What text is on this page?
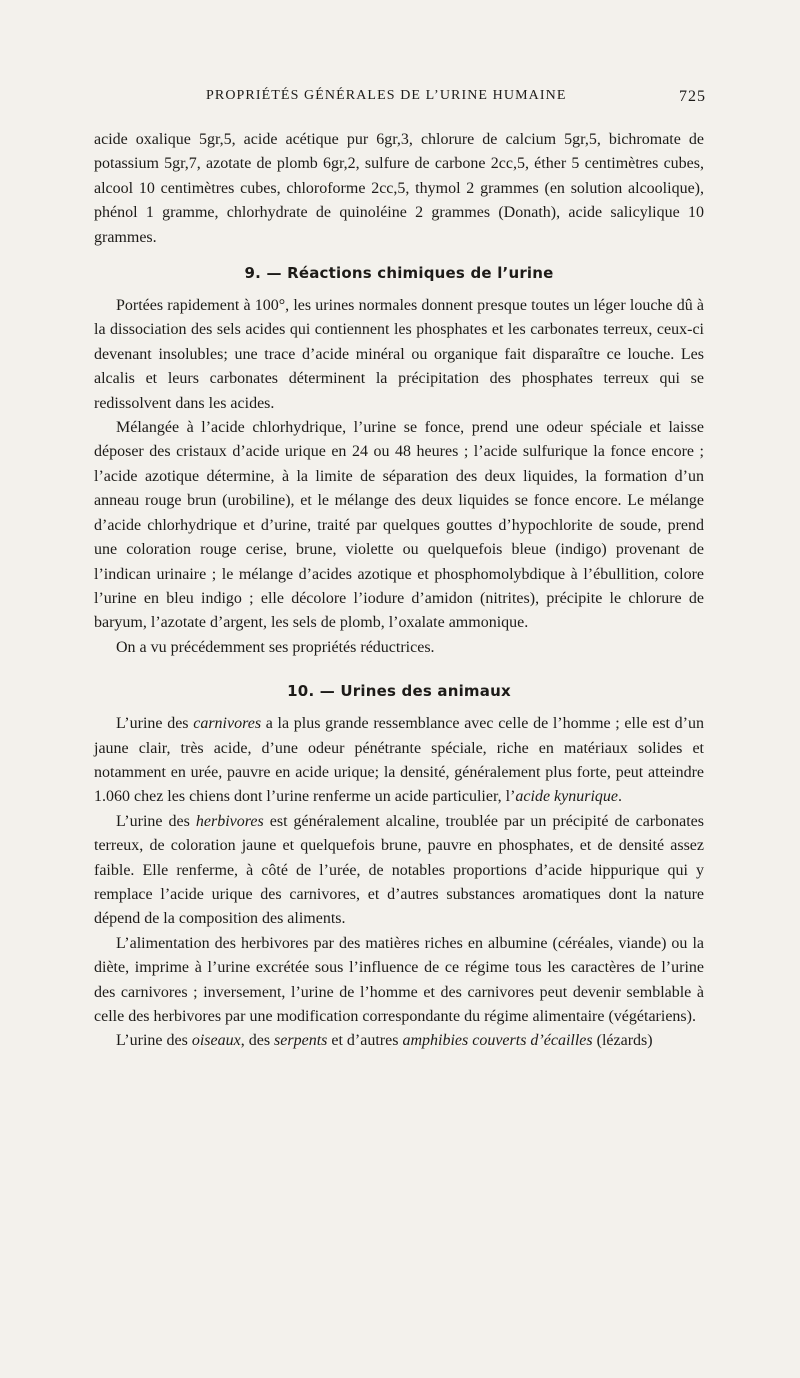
PROPRIÉTÉS GÉNÉRALES DE L’URINE HUMAINE	725

acide oxalique 5gr,5, acide acétique pur 6gr,3, chlorure de calcium 5gr,5, bichromate de potassium 5gr,7, azotate de plomb 6gr,2, sulfure de carbone 2cc,5, éther 5 centimètres cubes, alcool 10 centimètres cubes, chloroforme 2cc,5, thymol 2 grammes (en solution alcoolique), phénol 1 gramme, chlorhydrate de quinoléine 2 grammes (Donath), acide salicylique 10 grammes.

9. — Réactions chimiques de l’urine

Portées rapidement à 100°, les urines normales donnent presque toutes un léger louche dû à la dissociation des sels acides qui contiennent les phosphates et les carbonates terreux, ceux-ci devenant insolubles; une trace d’acide minéral ou organique fait disparaître ce louche. Les alcalis et leurs carbonates déterminent la précipitation des phosphates terreux qui se redissolvent dans les acides.

Mélangée à l’acide chlorhydrique, l’urine se fonce, prend une odeur spéciale et laisse déposer des cristaux d’acide urique en 24 ou 48 heures ; l’acide sulfurique la fonce encore ; l’acide azotique détermine, à la limite de séparation des deux liquides, la formation d’un anneau rouge brun (urobiline), et le mélange des deux liquides se fonce encore. Le mélange d’acide chlorhydrique et d’urine, traité par quelques gouttes d’hypochlorite de soude, prend une coloration rouge cerise, brune, violette ou quelquefois bleue (indigo) provenant de l’indican urinaire ; le mélange d’acides azotique et phosphomolybdique à l’ébullition, colore l’urine en bleu indigo ; elle décolore l’iodure d’amidon (nitrites), précipite le chlorure de baryum, l’azotate d’argent, les sels de plomb, l’oxalate ammonique.

On a vu précédemment ses propriétés réductrices.

10. — Urines des animaux

L’urine des carnivores a la plus grande ressemblance avec celle de l’homme ; elle est d’un jaune clair, très acide, d’une odeur pénétrante spéciale, riche en matériaux solides et notamment en urée, pauvre en acide urique; la densité, généralement plus forte, peut atteindre 1.060 chez les chiens dont l’urine renferme un acide particulier, l’acide kynurique.

L’urine des herbivores est généralement alcaline, troublée par un précipité de carbonates terreux, de coloration jaune et quelquefois brune, pauvre en phosphates, et de densité assez faible. Elle renferme, à côté de l’urée, de notables proportions d’acide hippurique qui y remplace l’acide urique des carnivores, et d’autres substances aromatiques dont la nature dépend de la composition des aliments.

L’alimentation des herbivores par des matières riches en albumine (céréales, viande) ou la diète, imprime à l’urine excrétée sous l’influence de ce régime tous les caractères de l’urine des carnivores ; inversement, l’urine de l’homme et des carnivores peut devenir semblable à celle des herbivores par une modification correspondante du régime alimentaire (végétariens).

L’urine des oiseaux, des serpents et d’autres amphibies couverts d’écailles (lézards)
